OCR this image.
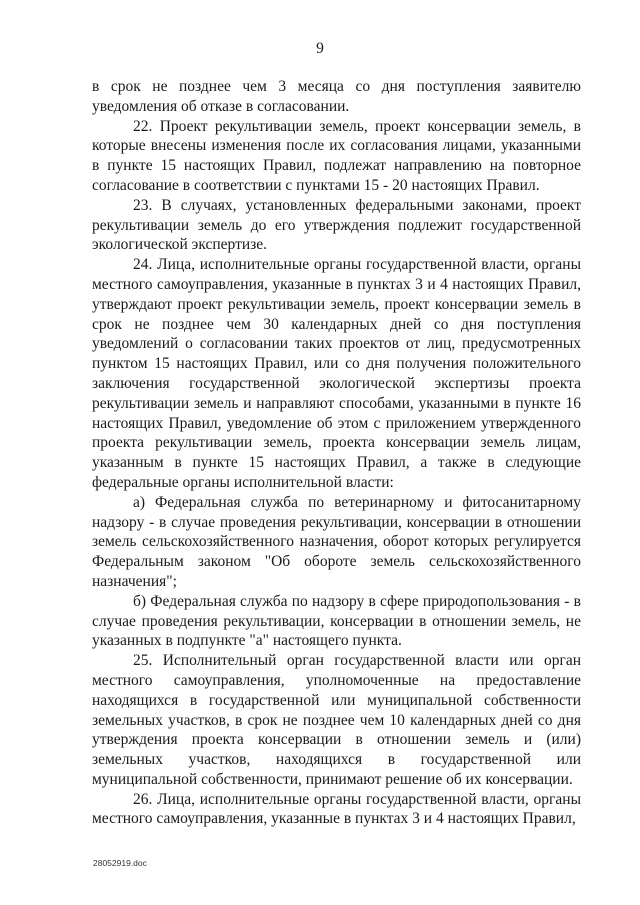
9

в срок не позднее чем 3 месяца со дня поступления заявителю уведомления об отказе в согласовании.

22. Проект рекультивации земель, проект консервации земель, в которые внесены изменения после их согласования лицами, указанными в пункте 15 настоящих Правил, подлежат направлению на повторное согласование в соответствии с пунктами 15 - 20 настоящих Правил.

23. В случаях, установленных федеральными законами, проект рекультивации земель до его утверждения подлежит государственной экологической экспертизе.

24. Лица, исполнительные органы государственной власти, органы местного самоуправления, указанные в пунктах 3 и 4 настоящих Правил, утверждают проект рекультивации земель, проект консервации земель в срок не позднее чем 30 календарных дней со дня поступления уведомлений о согласовании таких проектов от лиц, предусмотренных пунктом 15 настоящих Правил, или со дня получения положительного заключения государственной экологической экспертизы проекта рекультивации земель и направляют способами, указанными в пункте 16 настоящих Правил, уведомление об этом с приложением утвержденного проекта рекультивации земель, проекта консервации земель лицам, указанным в пункте 15 настоящих Правил, а также в следующие федеральные органы исполнительной власти:

а) Федеральная служба по ветеринарному и фитосанитарному надзору - в случае проведения рекультивации, консервации в отношении земель сельскохозяйственного назначения, оборот которых регулируется Федеральным законом "Об обороте земель сельскохозяйственного назначения";

б) Федеральная служба по надзору в сфере природопользования - в случае проведения рекультивации, консервации в отношении земель, не указанных в подпункте "а" настоящего пункта.

25. Исполнительный орган государственной власти или орган местного самоуправления, уполномоченные на предоставление находящихся в государственной или муниципальной собственности земельных участков, в срок не позднее чем 10 календарных дней со дня утверждения проекта консервации в отношении земель и (или) земельных участков, находящихся в государственной или муниципальной собственности, принимают решение об их консервации.

26. Лица, исполнительные органы государственной власти, органы местного самоуправления, указанные в пунктах 3 и 4 настоящих Правил,

28052919.doc
